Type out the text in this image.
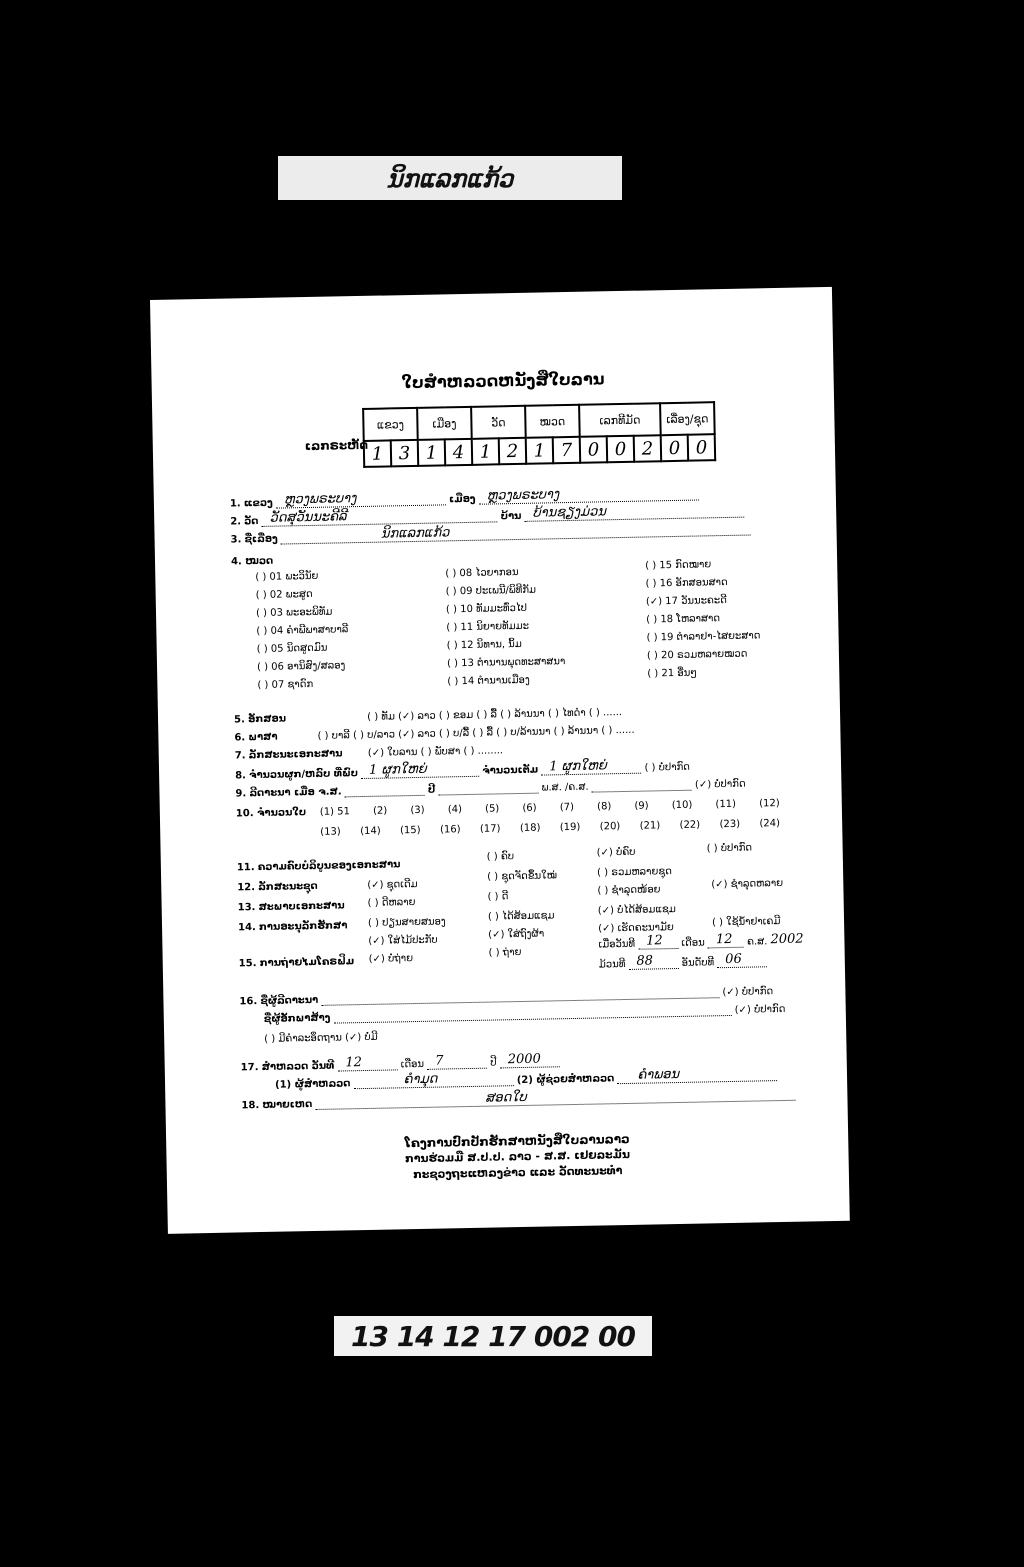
ນິກແລກແກ້ວ
ໃບສໍາຫລວດຫນັງສືໃບລານ
ເລກຣະຫັດ
ແຂວງ		ເມືອງ		ວັດ		ໝວດ		ເລກທີມັດ			ເລື່ອງ/ຊຸດ	
1	3	1	4	1	2	1	7	0	0	2	0	0
1. ແຂວງ ຫຼວງພຣະບາງ	ເມືອງ ຫຼວງພຣະບາງ
2. ວັດ ວັດສຸວັນນະຄີລີ	ບ້ານ ບ້ານຊຽງມ່ວນ
3. ຊື່ເລື່ອງ	ນິກແລກແກ້ວ
4. ໝວດ
( ) 01 ພະວິນັຍ
( ) 02 ພະສູດ
( ) 03 ພະອະພິທັມ
( ) 04 ຄໍາພີພາສາບາລີ
( ) 05 ນິດສູດມົນ
( ) 06 ອານິສົງ/ສລອງ
( ) 07 ຊາດົກ
( ) 08 ໄວຍາກອນ
( ) 09 ປະເພນີ/ພິທີກັມ
( ) 10 ທັມມະທົ່ວໄປ
( ) 11 ນິຍາຍທັມມະ
( ) 12 ນິທານ, ນິ້ມ
( ) 13 ຕໍານານພຸດທະສາສນາ
( ) 14 ຕໍານານເມືອງ
( ) 15 ກົດໝາຍ
( ) 16 ອັກສອນສາດ
(✓) 17 ວັນນະຄະດີ
( ) 18 ໂຫລາສາດ
( ) 19 ຕໍາລາຢາ-ໄສຍະສາດ
( ) 20 ຣວມຫລາຍໝວດ
( ) 21 ອື່ນໆ
5. ອັກສອນ	( ) ທັມ (✓) ລາວ ( ) ຂອມ ( ) ລື້ ( ) ລ້ານນາ ( ) ໄທດໍາ ( ) ......
6. ພາສາ	( ) ບາລີ ( ) ບ/ລາວ (✓) ລາວ ( ) ບ/ລື້ ( ) ລື້ ( ) ບ/ລ້ານນາ ( ) ລ້ານນາ ( ) ......
7. ລັກສະນະເອກະສານ	(✓) ໃບລານ ( ) ພັບສາ ( ) ........
8. ຈໍານວນຜູກ/ຫລົບ ທີ່ພົບ 1 ຜູກໃຫຍ່	ຈໍານວນເຕັມ 1 ຜູກໃຫຍ່	( ) ບໍ່ປາກົດ
9. ລີດາະນາ ເມື່ອ ຈ.ສ.	ປີ	ພ.ສ. /ຄ.ສ.	(✓) ບໍ່ປາກົດ
10. ຈໍານວນໃບ (1) 51 (2) (3) (4) (5) (6) (7) (8) (9) (10) (11) (12)
(13) (14) (15) (16) (17) (18) (19) (20) (21) (22) (23) (24)
11. ຄວາມຄົບບໍລິບູນຂອງເອກະສານ
( ) ຄົບ	(✓) ບໍ່ຄົບ	( ) ບໍ່ປາກົດ
12. ລັກສະນະຊຸດ	(✓) ຊຸດເດີມ
( ) ຊຸດຈັດຂຶ້ນໃໝ່	( ) ຣວມຫລາຍຊຸດ
13. ສະພາບເອກະສານ ( ) ດີຫລາຍ
( ) ດີ
( ) ຊໍາລຸດໜ້ອຍ
(✓) ຊໍາລຸດຫລາຍ
14. ການອະນຸລັກຮັກສາ ( ) ປຽນສາຍສນອງ	( ) ໄດ້ສ້ອມແຊມ	(✓) ບໍ່ໄດ້ສ້ອມແຊມ
(✓) ໃສ່ໄມ້ປະກັບ
(✓) ໃສ່ຖົງຜ້າ
(✓) ເຮັດຄະນາມັຍ	( ) ໃຊ້ນໍ້າຢາເຄມີ
15. ການຖ່າຍໄມໂຄຣຟິມ (✓) ບໍ່ຖ່າຍ
( ) ຖ່າຍ
ເມື່ອວັນທີ 12 ເດືອນ 12 ຄ.ສ. 2002
ມ້ວນທີ 88	ອັນດັບທີ 06
16. ຊື່ຜູ້ລີດາະນາ  (✓) ບໍ່ປາກົດ
ຊື່ຜູ້ອັກພາສ້າງ  (✓) ບໍ່ປາກົດ
( ) ມີຄໍາລະອຶດຖານ (✓) ບໍ່ມີ
17. ສໍາຫລວດ ວັນທີ 12	ເດືອນ 7	ປີ 2000
(1) ຜູ້ສໍາຫລວດ	ຄໍາມຸດ	(2) ຜູ້ຊ່ວຍສໍາຫລວດ ຄໍາພອນ
18. ໝາຍເຫດ	ສອດໃບ
ໂຄງການປົກປັກຮັກສາຫນັງສືໃບລານລາວ
ການຮ່ວມມື ສ.ປ.ປ. ລາວ - ສ.ສ. ເຢຍລະມັນ
ກະຊວງຖະແຫລງຂ່າວ ແລະ ວັດທະນະທໍາ
13 14 12 17 002 00
